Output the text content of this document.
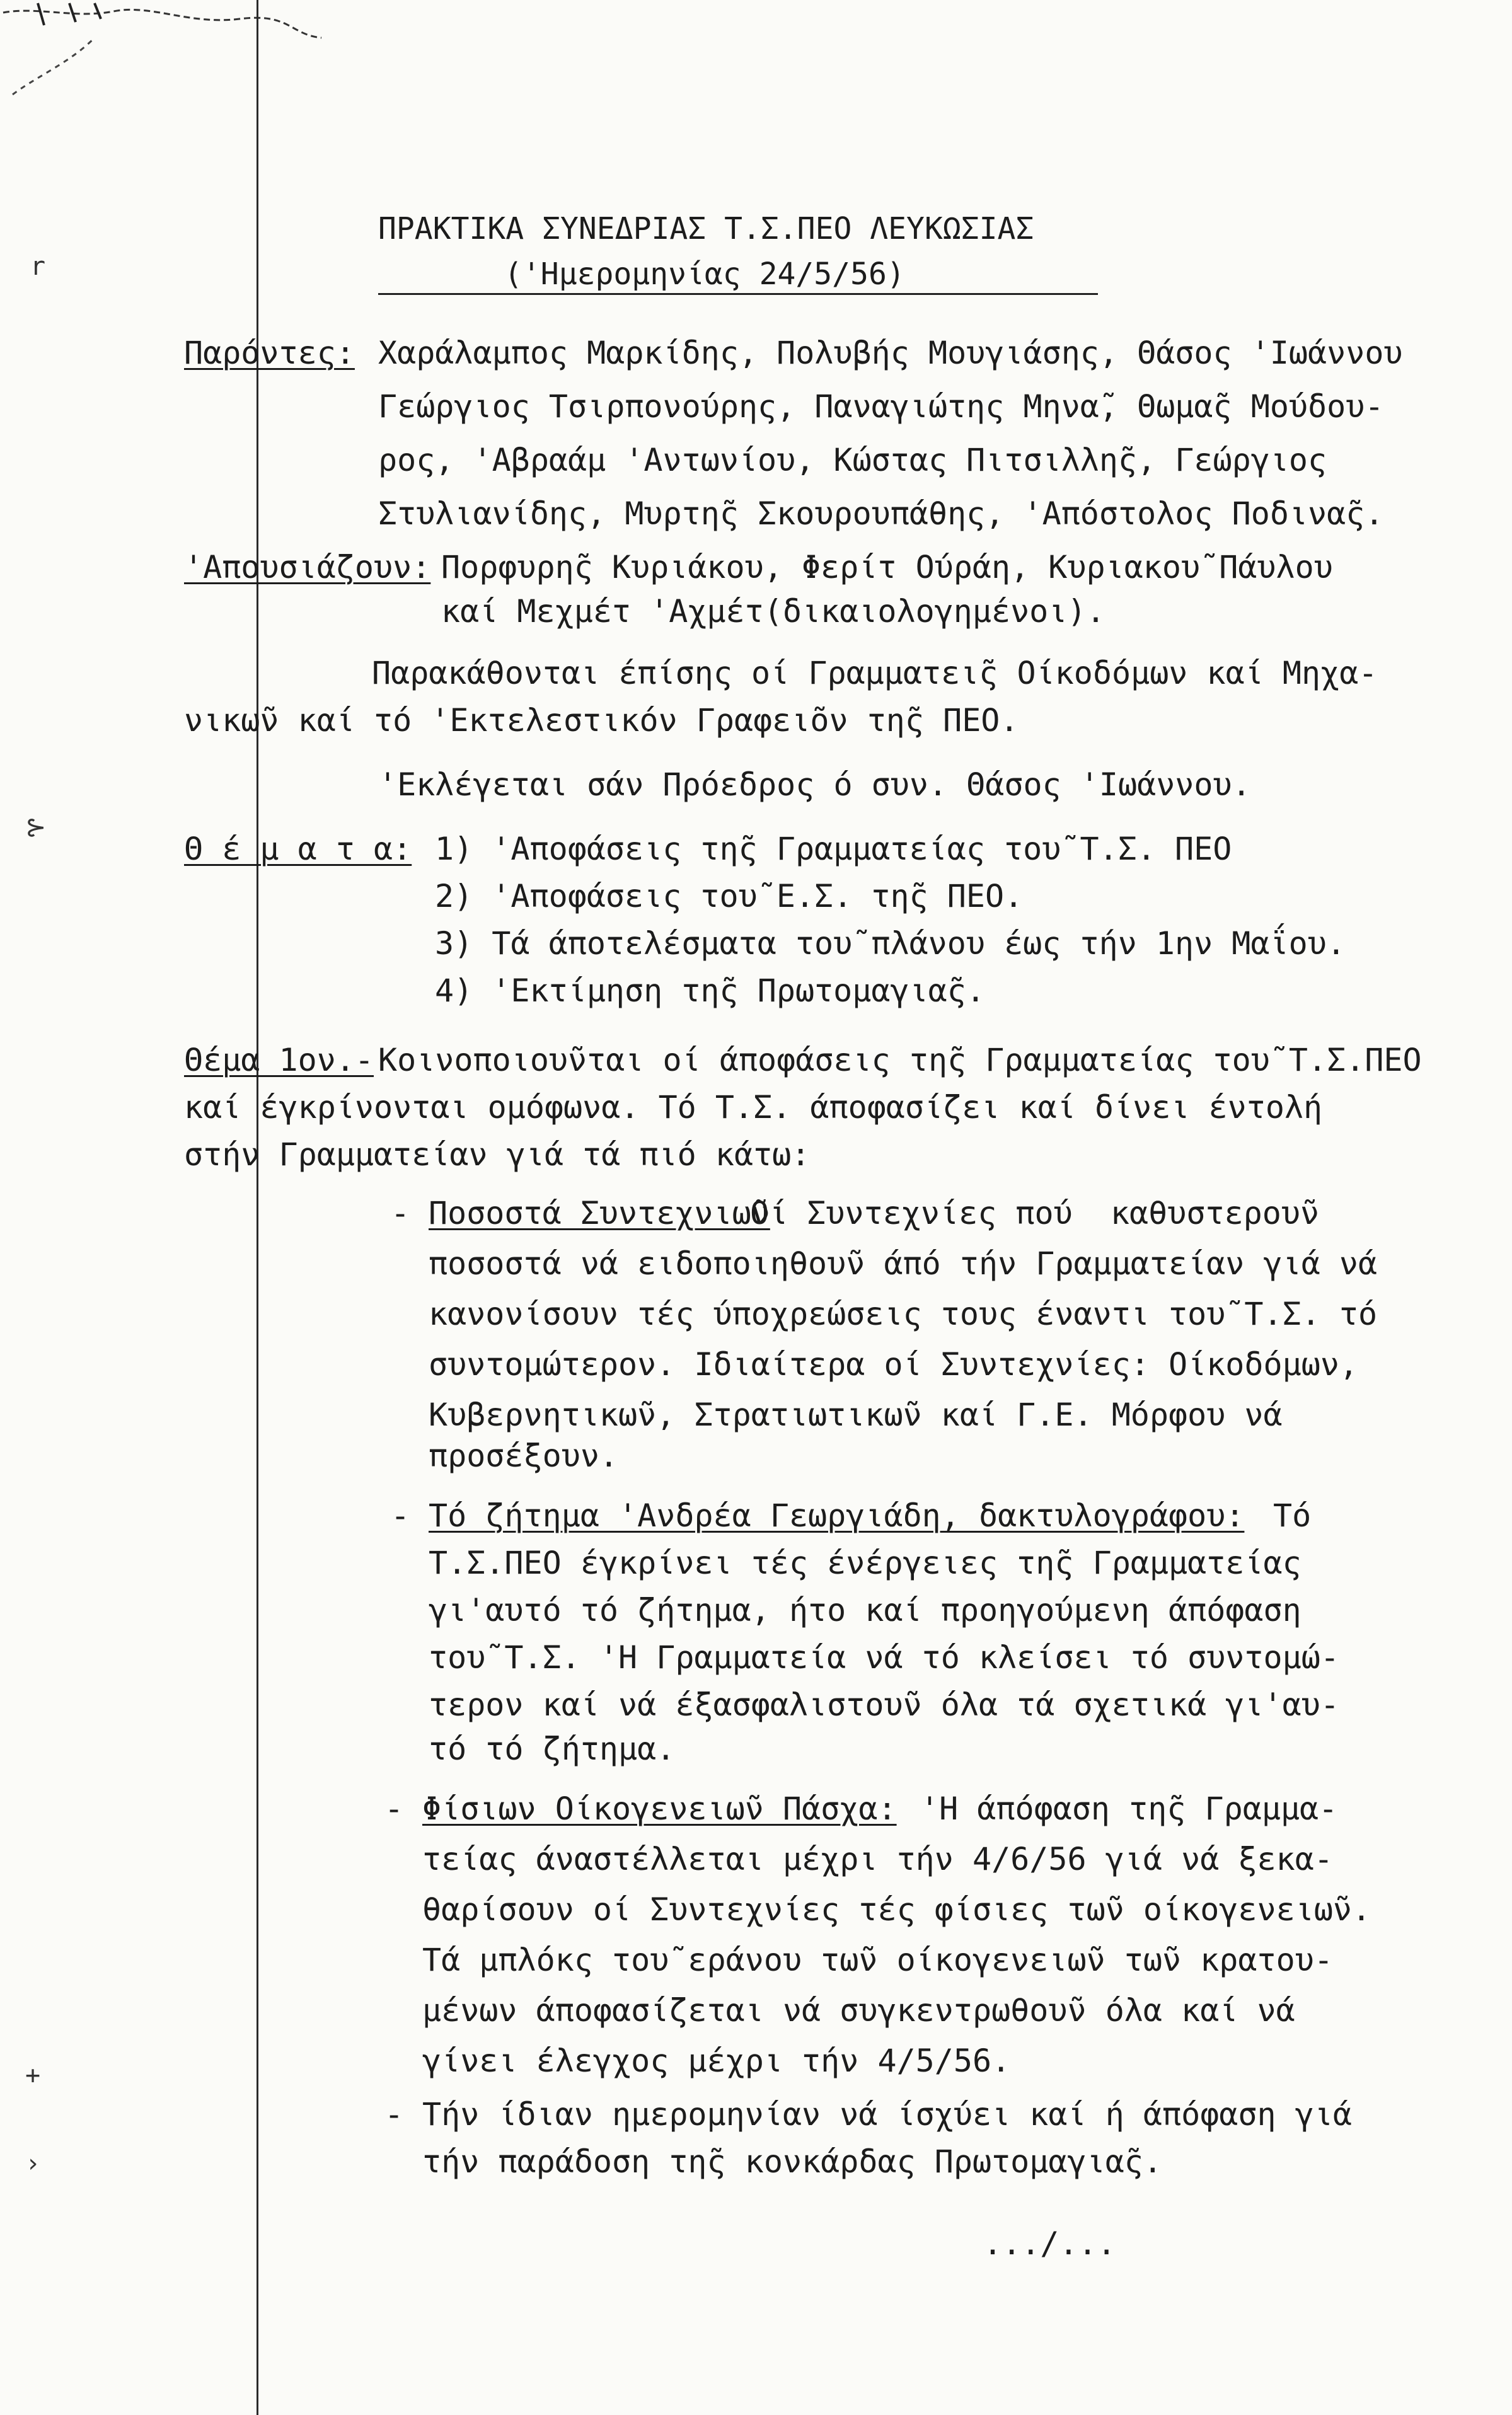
r
⊱
+
›
ΠΡΑΚΤΙΚΑ ΣΥΝΕΔΡΙΑΣ Τ.Σ.ΠΕΟ ΛΕΥΚΩΣΙΑΣ
('Ημερομηνίας 24/5/56)
Παρόντες: Χαράλαμπος Μαρκίδης, Πολυβής Μουγιάσης, Θάσος 'Ιωάννου
Γεώργιος Τσιρπονούρης, Παναγιώτης Μηνα̃, Θωμα̃ς Μούδου-
ρος, 'Αβραάμ 'Αντωνίου, Κώστας Πιτσιλλη̃ς, Γεώργιος
Στυλιανίδης, Μυρτη̃ς Σκουρουπάθης, 'Απόστολος Ποδινα̃ς.
'Απουσιάζουν: Πορφυρη̃ς Κυριάκου, Φερίτ Ούράη, Κυριακου̃ Πάυλου
καί Μεχμέτ 'Αχμέτ(δικαιολογημένοι).
Παρακάθονται έπίσης οί Γραμματει̃ς Οίκοδόμων καί Μηχα-
νικω̃ν καί τό 'Εκτελεστικόν Γραφει̃ον τη̃ς ΠΕΟ.
'Εκλέγεται σάν Πρόεδρος ό συν. Θάσος 'Ιωάννου.
Θ έ μ α τ α: 1) 'Αποφάσεις τη̃ς Γραμματείας του̃ Τ.Σ. ΠΕΟ
2) 'Αποφάσεις του̃ Ε.Σ. τη̃ς ΠΕΟ.
3) Τά άποτελέσματα του̃ πλάνου έως τήν 1ην Μαΐου.
4) 'Εκτίμηση τη̃ς Πρωτομαγια̃ς.
Θέμα 1ον.- Κοινοποιου̃νται οί άποφάσεις τη̃ς Γραμματείας του̃ Τ.Σ.ΠΕΟ
καί έγκρίνονται ομόφωνα. Τό Τ.Σ. άποφασίζει καί δίνει έντολή
στήν Γραμματείαν γιά τά πιό κάτω:
- Ποσοστά Συντεχνιω̃ν
Οί Συντεχνίες πού  καθυστερου̃ν
ποσοστά νά ειδοποιηθου̃ν άπό τήν Γραμματείαν γιά νά
κανονίσουν τές ύποχρεώσεις τους έναντι του̃ Τ.Σ. τό
συντομώτερον. Ιδιαίτερα οί Συντεχνίες: Οίκοδόμων,
Κυβερνητικω̃ν, Στρατιωτικω̃ν καί Γ.Ε. Μόρφου νά
προσέξουν.
- Τό ζήτημα 'Ανδρέα Γεωργιάδη, δακτυλογράφου: Τό
Τ.Σ.ΠΕΟ έγκρίνει τές ένέργειες τη̃ς Γραμματείας
γι'αυτό τό ζήτημα, ήτο καί προηγούμενη άπόφαση
του̃ Τ.Σ. 'Η Γραμματεία νά τό κλείσει τό συντομώ-
τερον καί νά έξασφαλιστου̃ν όλα τά σχετικά γι'αυ-
τό τό ζήτημα.
- Φίσιων Οίκογενειω̃ν Πάσχα: 'Η άπόφαση τη̃ς Γραμμα-
τείας άναστέλλεται μέχρι τήν 4/6/56 γιά νά ξεκα-
θαρίσουν οί Συντεχνίες τές φίσιες τω̃ν οίκογενειω̃ν.
Τά μπλόκς του̃ εράνου τω̃ν οίκογενειω̃ν τω̃ν κρατου-
μένων άποφασίζεται νά συγκεντρωθου̃ν όλα καί νά
γίνει έλεγχος μέχρι τήν 4/5/56.
- Τήν ίδιαν ημερομηνίαν νά ίσχύει καί ή άπόφαση γιά
τήν παράδοση τη̃ς κονκάρδας Πρωτομαγια̃ς.
.../...
